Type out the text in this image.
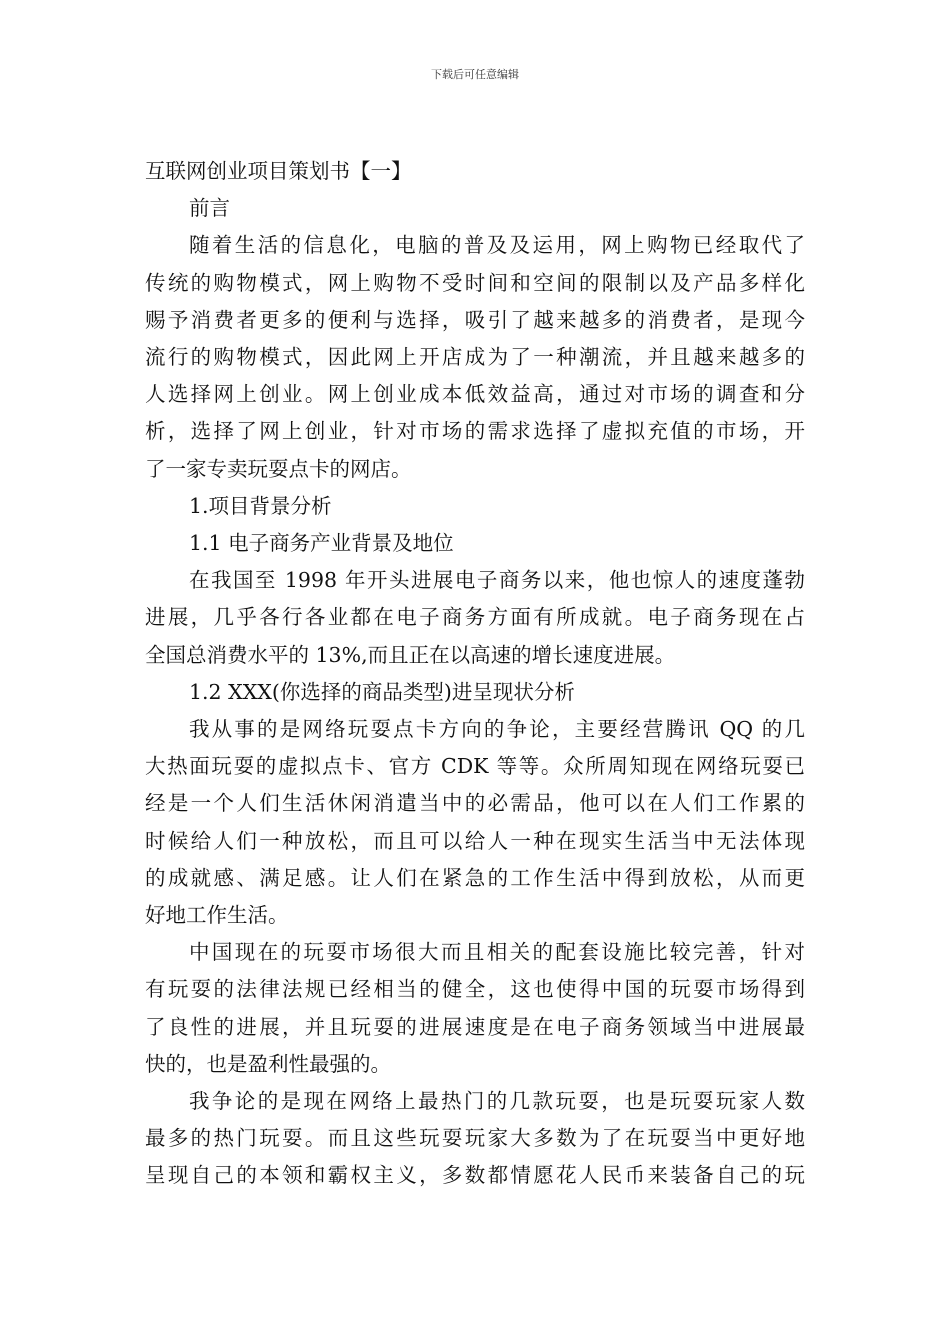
下载后可任意编辑
互联网创业项目策划书【一】
前言
随着生活的信息化，电脑的普及及运用，网上购物已经取代了
传统的购物模式，网上购物不受时间和空间的限制以及产品多样化
赐予消费者更多的便利与选择，吸引了越来越多的消费者，是现今
流行的购物模式，因此网上开店成为了一种潮流，并且越来越多的
人选择网上创业。网上创业成本低效益高，通过对市场的调查和分
析，选择了网上创业，针对市场的需求选择了虚拟充值的市场，开
了一家专卖玩耍点卡的网店。
1.项目背景分析
1.1 电子商务产业背景及地位
在我国至 1998 年开头进展电子商务以来，他也惊人的速度蓬勃
进展，几乎各行各业都在电子商务方面有所成就。电子商务现在占
全国总消费水平的 13%,而且正在以高速的增长速度进展。
1.2 XXX(你选择的商品类型)进呈现状分析
我从事的是网络玩耍点卡方向的争论，主要经营腾讯 QQ 的几
大热面玩耍的虚拟点卡、官方 CDK 等等。众所周知现在网络玩耍已
经是一个人们生活休闲消遣当中的必需品，他可以在人们工作累的
时候给人们一种放松，而且可以给人一种在现实生活当中无法体现
的成就感、满足感。让人们在紧急的工作生活中得到放松，从而更
好地工作生活。
中国现在的玩耍市场很大而且相关的配套设施比较完善，针对
有玩耍的法律法规已经相当的健全，这也使得中国的玩耍市场得到
了良性的进展，并且玩耍的进展速度是在电子商务领域当中进展最
快的，也是盈利性最强的。
我争论的是现在网络上最热门的几款玩耍，也是玩耍玩家人数
最多的热门玩耍。而且这些玩耍玩家大多数为了在玩耍当中更好地
呈现自己的本领和霸权主义，多数都情愿花人民币来装备自己的玩
